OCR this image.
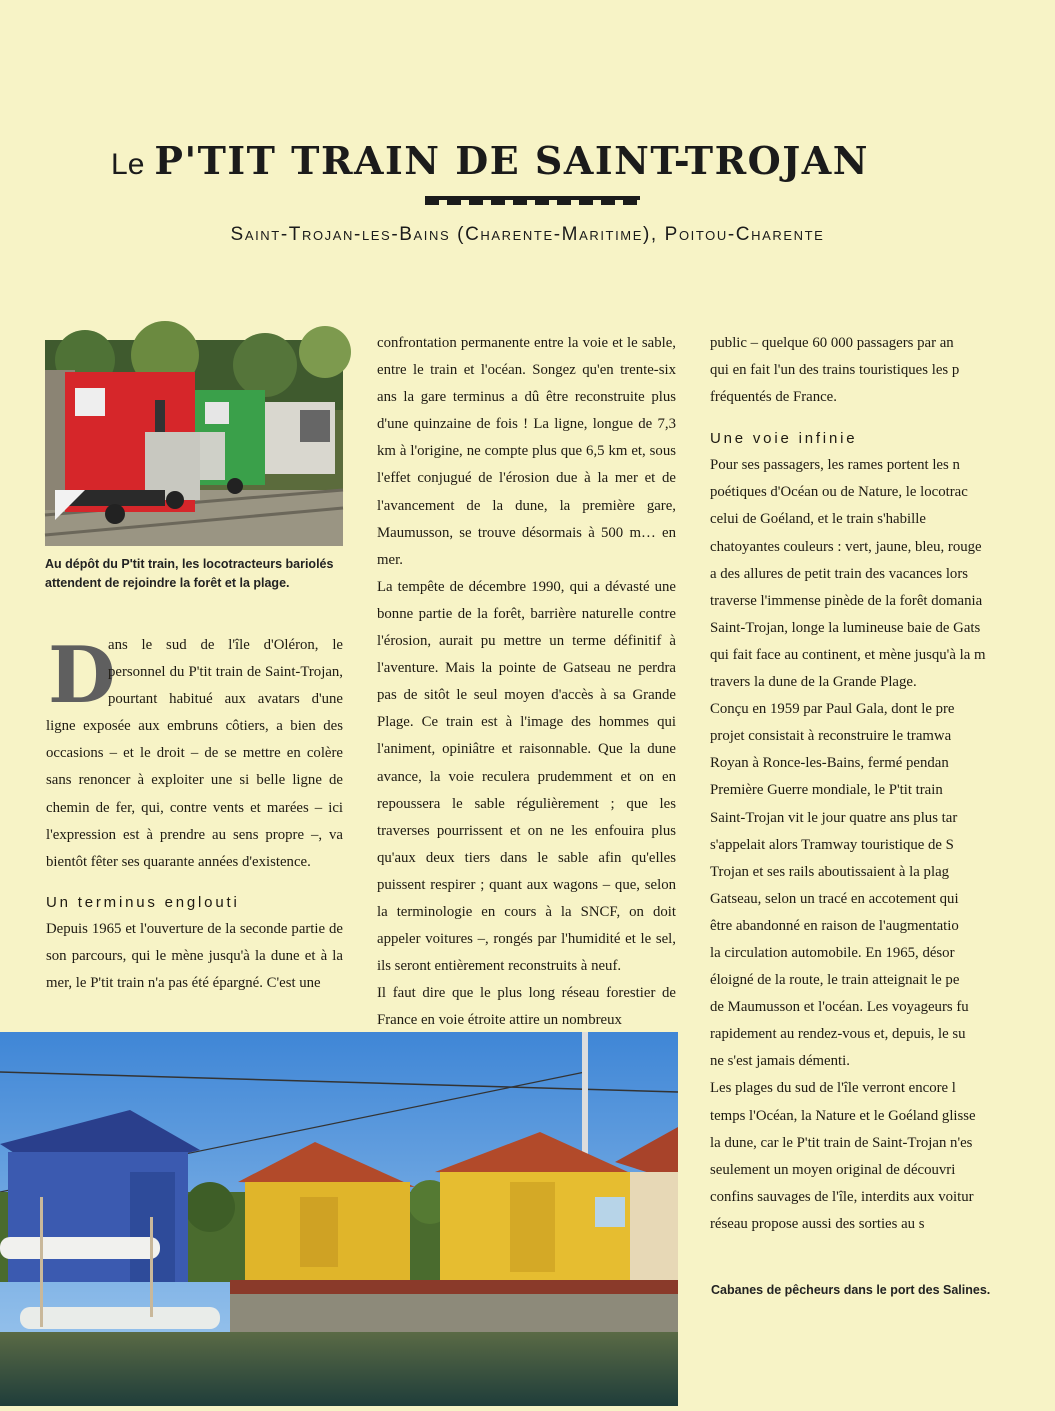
Le P'TIT TRAIN DE SAINT-TROJAN
Saint-Trojan-les-Bains (Charente-Maritime), Poitou-Charente
Au dépôt du P'tit train, les locotracteurs bariolés attendent de rejoindre la forêt et la plage.

D
ans le sud de l'île d'Oléron, le personnel du P'tit train de Saint-Trojan, pourtant habitué aux avatars d'une ligne exposée aux embruns côtiers, a bien des occasions – et le droit – de se mettre en colère sans renoncer à exploiter une si belle ligne de chemin de fer, qui, contre vents et marées – ici l'expression est à prendre au sens propre –, va bientôt fêter ses quarante années d'existence.

Un terminus englouti

Depuis 1965 et l'ouverture de la seconde partie de son parcours, qui le mène jusqu'à la dune et à la mer, le P'tit train n'a pas été épargné. C'est une

confrontation permanente entre la voie et le sable, entre le train et l'océan. Songez qu'en trente-six ans la gare terminus a dû être reconstruite plus d'une quinzaine de fois ! La ligne, longue de 7,3 km à l'origine, ne compte plus que 6,5 km et, sous l'effet conjugué de l'érosion due à la mer et de l'avancement de la dune, la première gare, Maumusson, se trouve désormais à 500 m… en mer.

La tempête de décembre 1990, qui a dévasté une bonne partie de la forêt, barrière naturelle contre l'érosion, aurait pu mettre un terme définitif à l'aventure. Mais la pointe de Gatseau ne perdra pas de sitôt le seul moyen d'accès à sa Grande Plage. Ce train est à l'image des hommes qui l'animent, opiniâtre et raisonnable. Que la dune avance, la voie reculera prudemment et on en repoussera le sable régulièrement ; que les traverses pourrissent et on ne les enfouira plus qu'aux deux tiers dans le sable afin qu'elles puissent respirer ; quant aux wagons – que, selon la terminologie en cours à la SNCF, on doit appeler voitures –, rongés par l'humidité et le sel, ils seront entièrement reconstruits à neuf.

Il faut dire que le plus long réseau forestier de France en voie étroite attire un nombreux

public – quelque 60 000 passagers par an

qui en fait l'un des trains touristiques les p

fréquentés de France.

Une voie infinie

Pour ses passagers, les rames portent les n

poétiques d'Océan ou de Nature, le locotrac

celui de Goéland, et le train s'habille

chatoyantes couleurs : vert, jaune, bleu, rouge

a des allures de petit train des vacances lors

traverse l'immense pinède de la forêt domania

Saint-Trojan, longe la lumineuse baie de Gats

qui fait face au continent, et mène jusqu'à la m

travers la dune de la Grande Plage.

Conçu en 1959 par Paul Gala, dont le pre

projet consistait à reconstruire le tramwa

Royan à Ronce-les-Bains, fermé pendan

Première Guerre mondiale, le P'tit train

Saint-Trojan vit le jour quatre ans plus tar

s'appelait alors Tramway touristique de S

Trojan et ses rails aboutissaient à la plag

Gatseau, selon un tracé en accotement qui

être abandonné en raison de l'augmentatio

la circulation automobile. En 1965, désor

éloigné de la route, le train atteignait le pe

de Maumusson et l'océan. Les voyageurs fu

rapidement au rendez-vous et, depuis, le su

ne s'est jamais démenti.

Les plages du sud de l'île verront encore l

temps l'Océan, la Nature et le Goéland glisse

la dune, car le P'tit train de Saint-Trojan n'es

seulement un moyen original de découvri

confins sauvages de l'île, interdits aux voitur

réseau propose aussi des sorties au s

Cabanes de pêcheurs dans le port des Salines.
